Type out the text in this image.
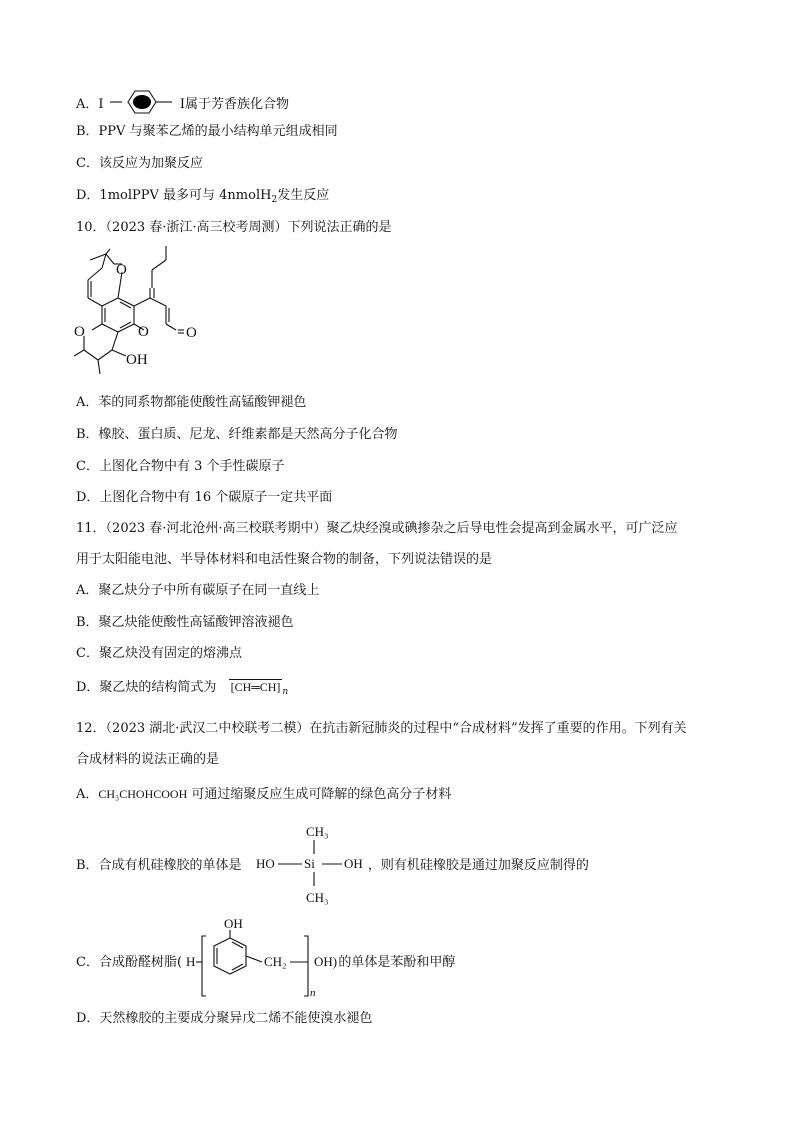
A．I	I属于芳香族化合物
B．PPV 与聚苯乙烯的最小结构单元组成相同
C．该反应为加聚反应
D．1molPPV 最多可与 4nmolH$_2$发生反应
10．（2023 春·浙江·高三校考周测）下列说法正确的是
O
O	O O
OH
A．苯的同系物都能使酸性高锰酸钾褪色
B．橡胶、蛋白质、尼龙、纤维素都是天然高分子化合物
C．上图化合物中有 3 个手性碳原子
D．上图化合物中有 16 个碳原子一定共平面
11．（2023 春·河北沧州·高三校联考期中）聚乙炔经溴或碘掺杂之后导电性会提高到金属水平，可广泛应
用于太阳能电池、半导体材料和电活性聚合物的制备，下列说法错误的是
A．聚乙炔分子中所有碳原子在同一直线上
B．聚乙炔能使酸性高锰酸钾溶液褪色
C．聚乙炔没有固定的熔沸点
D．聚乙炔的结构简式为 [CH═CH] $_n$
12．（2023 湖北·武汉二中校联考二模）在抗击新冠肺炎的过程中“合成材料”发挥了重要的作用。下列有关
合成材料的说法正确的是
A．CH₃CHOHCOOH 可通过缩聚反应生成可降解的绿色高分子材料
B．合成有机硅橡胶的单体是	，则有机硅橡胶是通过加聚反应制得的
CH₃
HO Si OH
CH₃
C．合成酚醛树脂(	的单体是苯酚和甲醇
H
OH
CH₂
n
OH)
D．天然橡胶的主要成分聚异戊二烯不能使溴水褪色
